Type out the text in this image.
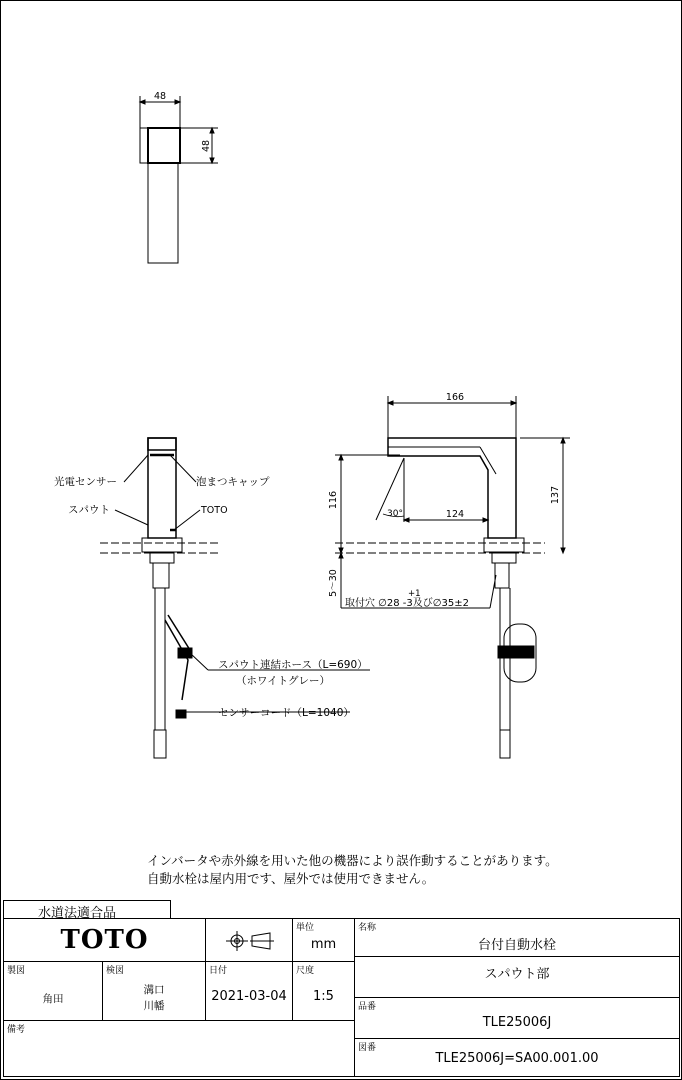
48
48
光電センサー	泡まつキャップ
スパウト	TOTO
スパウト連結ホース（L=690）
（ホワイトグレー）
センサーコード（L=1040）
166
116	137
30°	124
5～30	+1
取付穴 ∅28 -3及び∅35±2
インバータや赤外線を用いた他の機器により誤作動することがあります。
自動水栓は屋内用です、屋外では使用できません。
水道法適合品
TOTO	単位
mm
名称
台付自動水栓
スパウト部
製図
角田
検図
溝口
川幡
日付
2021-03-04
尺度
1:5
品番
TLE25006J
備考
図番
TLE25006J=SA00.001.00
